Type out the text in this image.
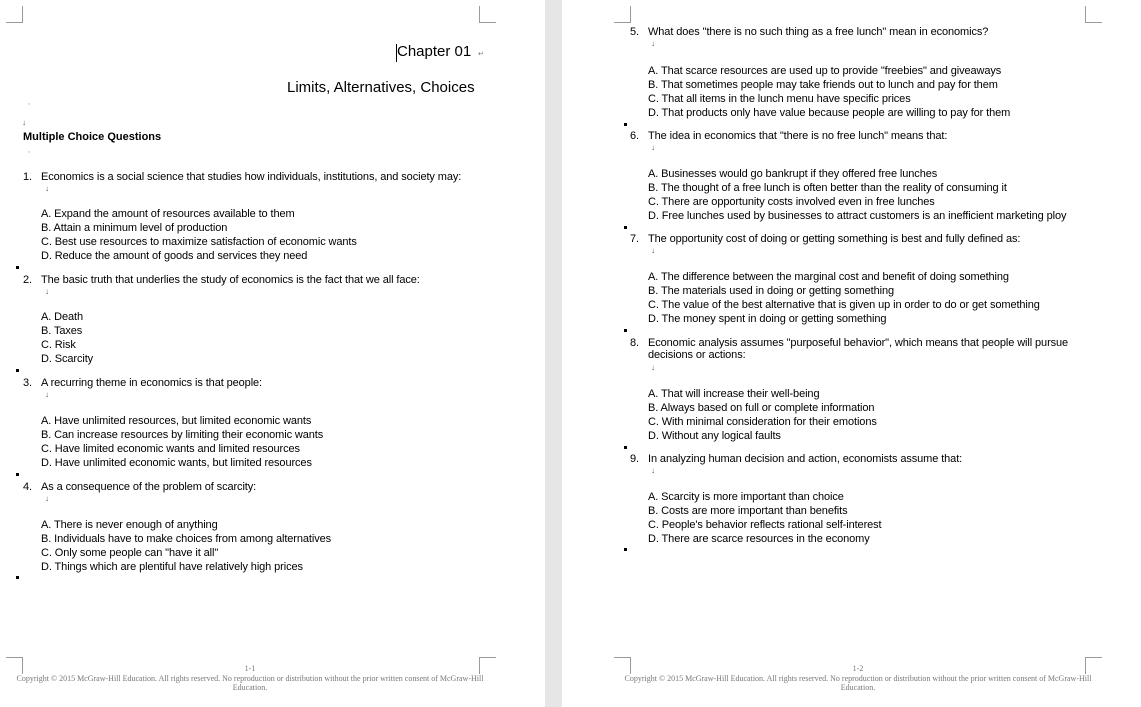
Chapter 01 ↵
Limits, Alternatives, Choices
,
↓
Multiple Choice Questions
,
1. Economics is a social science that studies how individuals, institutions, and society may:
↓
A. Expand the amount of resources available to them
B. Attain a minimum level of production
C. Best use resources to maximize satisfaction of economic wants
D. Reduce the amount of goods and services they need
2. The basic truth that underlies the study of economics is the fact that we all face:
↓
A. Death
B. Taxes
C. Risk
D. Scarcity
3. A recurring theme in economics is that people:
↓
A. Have unlimited resources, but limited economic wants
B. Can increase resources by limiting their economic wants
C. Have limited economic wants and limited resources
D. Have unlimited economic wants, but limited resources
4. As a consequence of the problem of scarcity:
↓
A. There is never enough of anything
B. Individuals have to make choices from among alternatives
C. Only some people can "have it all"
D. Things which are plentiful have relatively high prices
1-1
Copyright © 2015 McGraw-Hill Education. All rights reserved. No reproduction or distribution without the prior written consent of McGraw-Hill
Education.
5. What does "there is no such thing as a free lunch" mean in economics?
↓
A. That scarce resources are used up to provide "freebies" and giveaways
B. That sometimes people may take friends out to lunch and pay for them
C. That all items in the lunch menu have specific prices
D. That products only have value because people are willing to pay for them
6. The idea in economics that "there is no free lunch" means that:
↓
A. Businesses would go bankrupt if they offered free lunches
B. The thought of a free lunch is often better than the reality of consuming it
C. There are opportunity costs involved even in free lunches
D. Free lunches used by businesses to attract customers is an inefficient marketing ploy
7. The opportunity cost of doing or getting something is best and fully defined as:
↓
A. The difference between the marginal cost and benefit of doing something
B. The materials used in doing or getting something
C. The value of the best alternative that is given up in order to do or get something
D. The money spent in doing or getting something
8. Economic analysis assumes "purposeful behavior", which means that people will pursue
decisions or actions:
↓
A. That will increase their well-being
B. Always based on full or complete information
C. With minimal consideration for their emotions
D. Without any logical faults
9. In analyzing human decision and action, economists assume that:
↓
A. Scarcity is more important than choice
B. Costs are more important than benefits
C. People's behavior reflects rational self-interest
D. There are scarce resources in the economy
1-2
Copyright © 2015 McGraw-Hill Education. All rights reserved. No reproduction or distribution without the prior written consent of McGraw-Hill
Education.
